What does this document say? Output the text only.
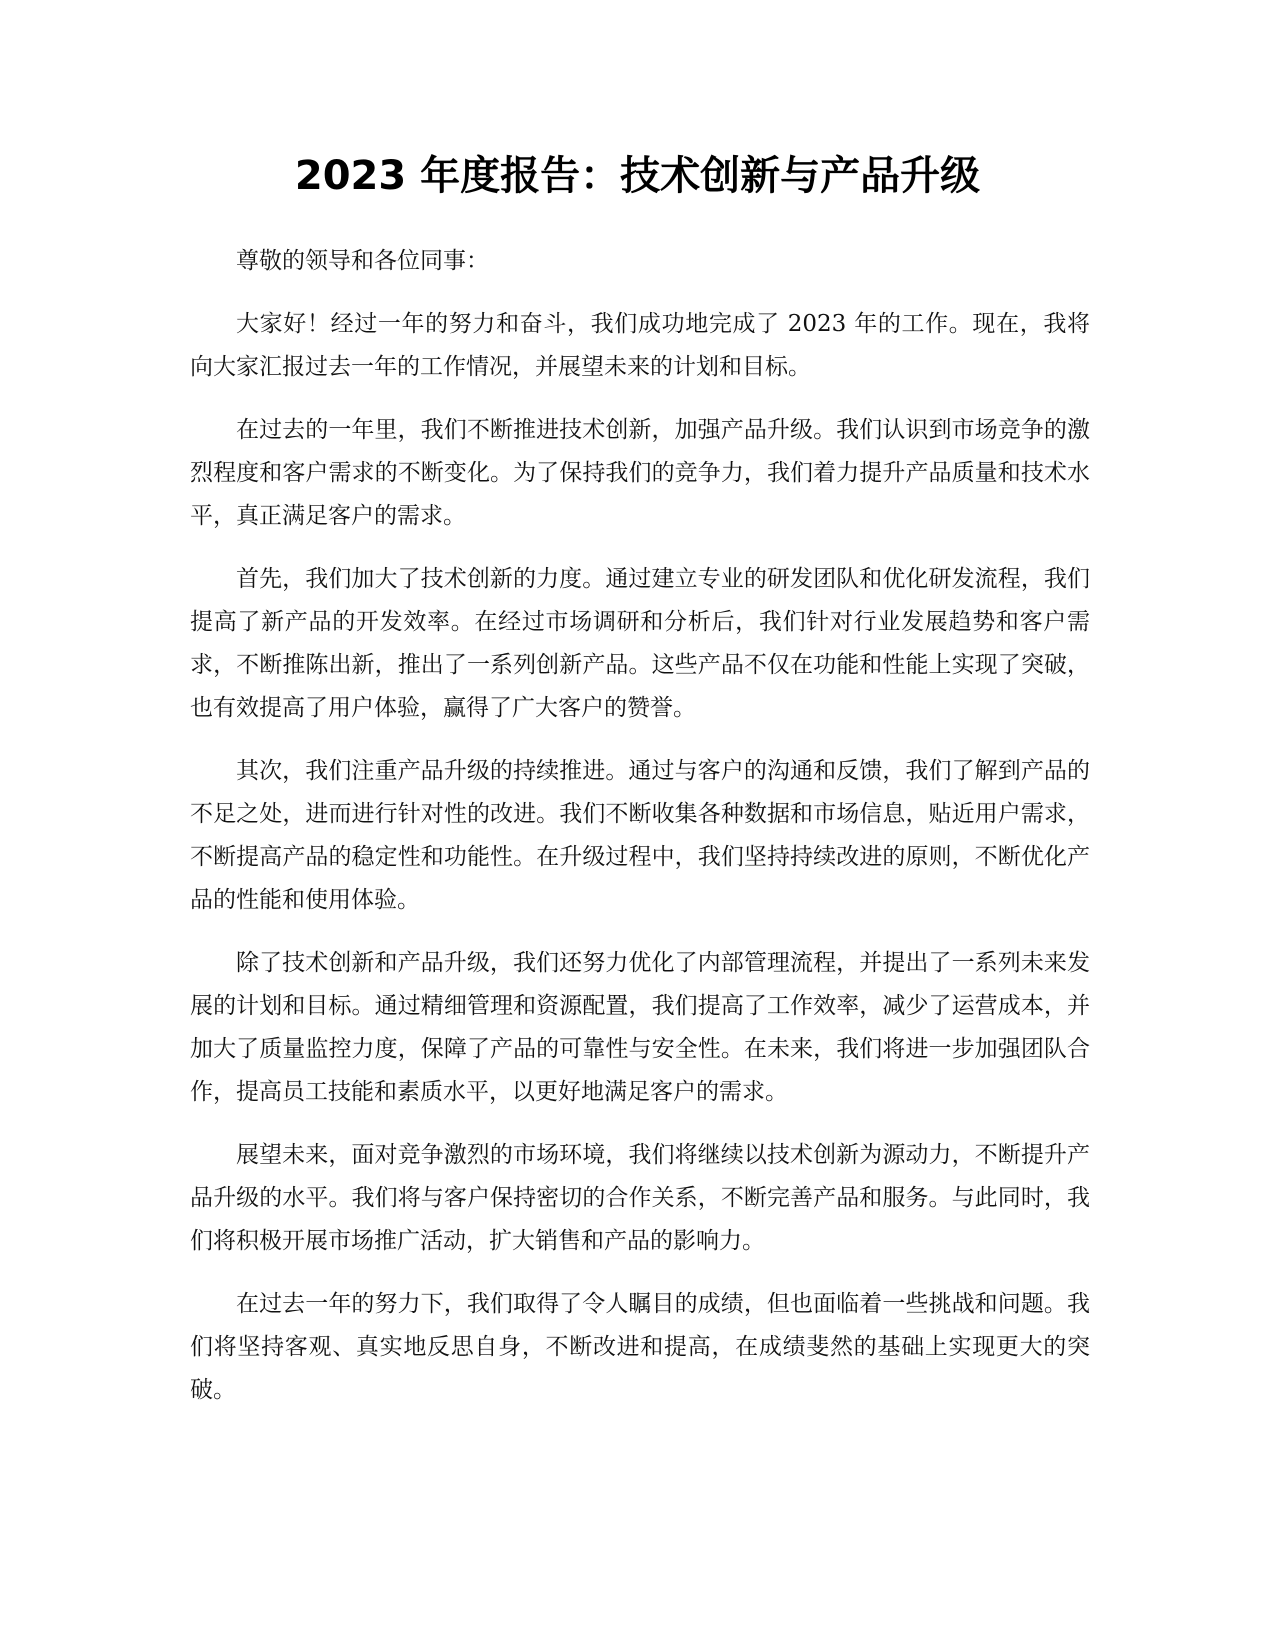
2023 年度报告：技术创新与产品升级

尊敬的领导和各位同事：

大家好！经过一年的努力和奋斗，我们成功地完成了 2023 年的工作。现在，我将向大家汇报过去一年的工作情况，并展望未来的计划和目标。

在过去的一年里，我们不断推进技术创新，加强产品升级。我们认识到市场竞争的激烈程度和客户需求的不断变化。为了保持我们的竞争力，我们着力提升产品质量和技术水平，真正满足客户的需求。

首先，我们加大了技术创新的力度。通过建立专业的研发团队和优化研发流程，我们提高了新产品的开发效率。在经过市场调研和分析后，我们针对行业发展趋势和客户需求，不断推陈出新，推出了一系列创新产品。这些产品不仅在功能和性能上实现了突破，也有效提高了用户体验，赢得了广大客户的赞誉。

其次，我们注重产品升级的持续推进。通过与客户的沟通和反馈，我们了解到产品的不足之处，进而进行针对性的改进。我们不断收集各种数据和市场信息，贴近用户需求，不断提高产品的稳定性和功能性。在升级过程中，我们坚持持续改进的原则，不断优化产品的性能和使用体验。

除了技术创新和产品升级，我们还努力优化了内部管理流程，并提出了一系列未来发展的计划和目标。通过精细管理和资源配置，我们提高了工作效率，减少了运营成本，并加大了质量监控力度，保障了产品的可靠性与安全性。在未来，我们将进一步加强团队合作，提高员工技能和素质水平，以更好地满足客户的需求。

展望未来，面对竞争激烈的市场环境，我们将继续以技术创新为源动力，不断提升产品升级的水平。我们将与客户保持密切的合作关系，不断完善产品和服务。与此同时，我们将积极开展市场推广活动，扩大销售和产品的影响力。

在过去一年的努力下，我们取得了令人瞩目的成绩，但也面临着一些挑战和问题。我们将坚持客观、真实地反思自身，不断改进和提高，在成绩斐然的基础上实现更大的突破。
